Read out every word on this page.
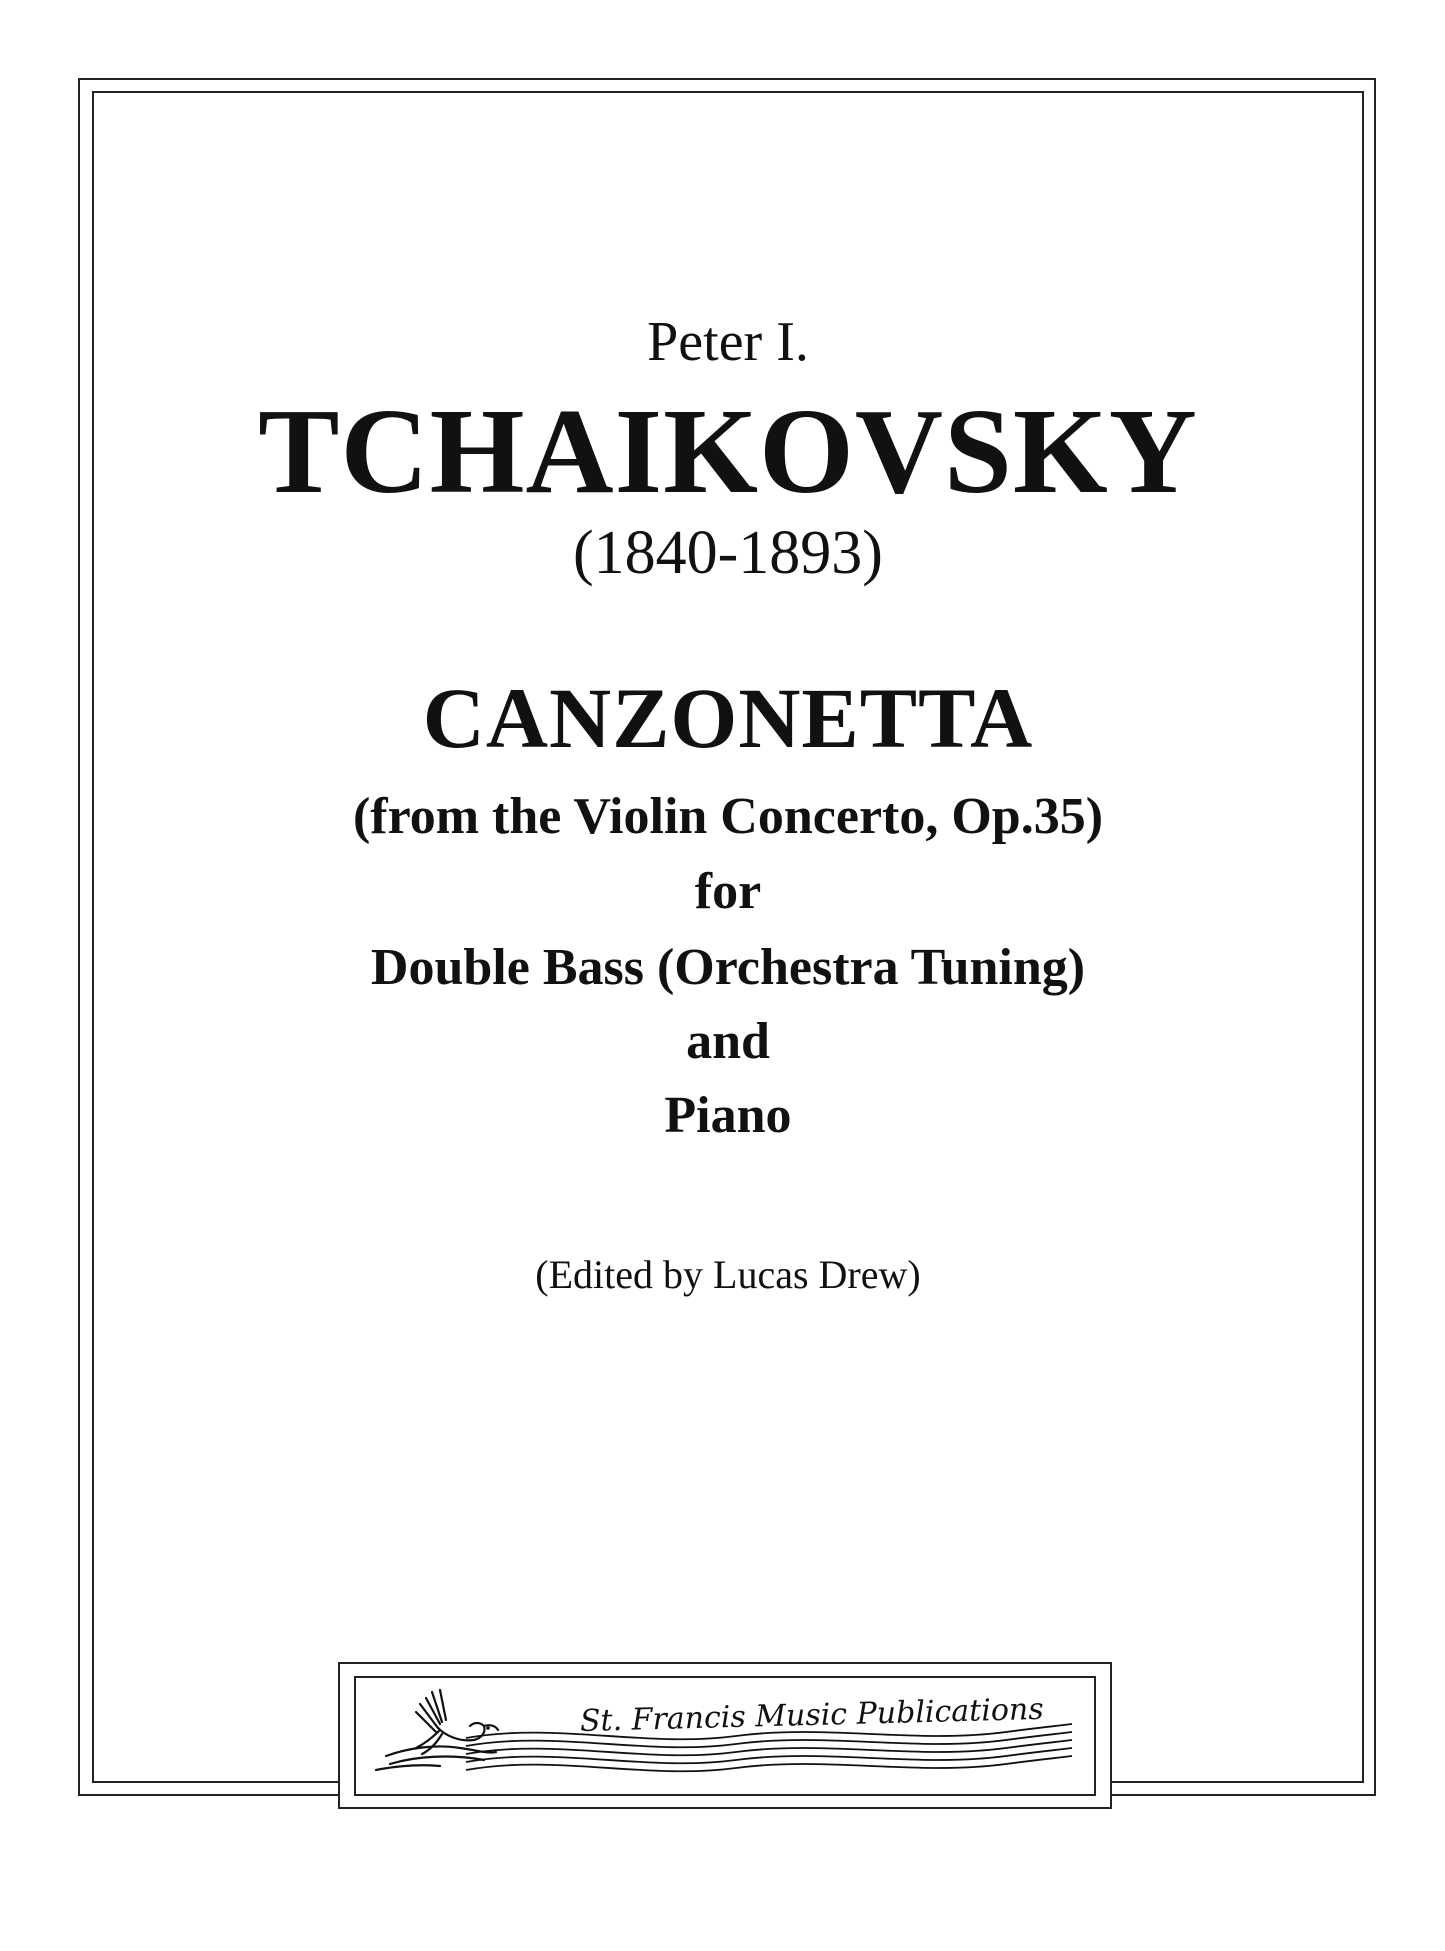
Peter I.
TCHAIKOVSKY
(1840-1893)
CANZONETTA
(from the Violin Concerto, Op.35)
for
Double Bass (Orchestra Tuning)
and
Piano
(Edited by Lucas Drew)
St. Francis Music Publications
